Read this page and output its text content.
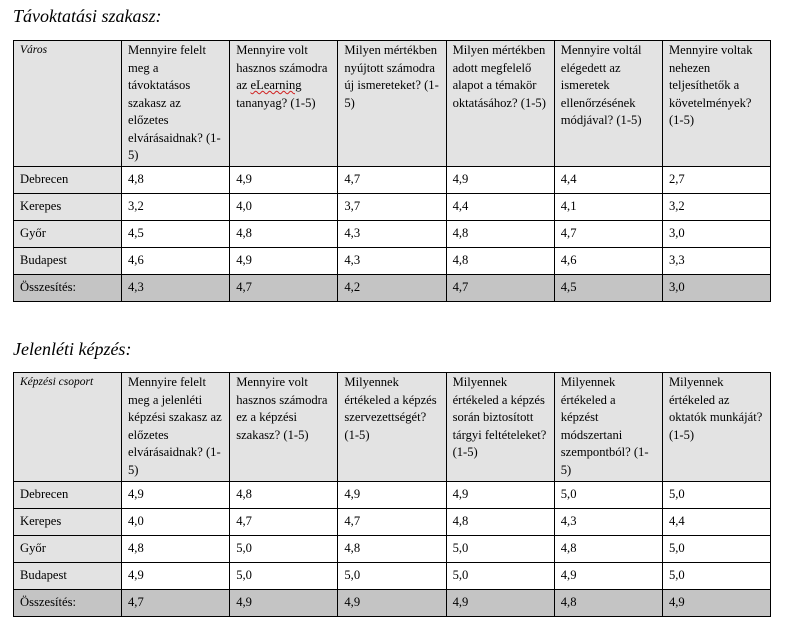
Távoktatási szakasz:
Város	Mennyire felelt meg a távoktatásos szakasz az előzetes elvárásaidnak? (1-5)	Mennyire volt hasznos számodra az eLearning tananyag? (1-5)	Milyen mértékben nyújtott számodra új ismereteket? (1-5)	Milyen mértékben adott megfelelő alapot a témakör oktatásához? (1-5)	Mennyire voltál elégedett az ismeretek ellenőrzésének módjával? (1-5)	Mennyire voltak nehezen teljesíthetők a követelmények? (1-5)
Debrecen	4,8	4,9	4,7	4,9	4,4	2,7
Kerepes	3,2	4,0	3,7	4,4	4,1	3,2
Győr	4,5	4,8	4,3	4,8	4,7	3,0
Budapest	4,6	4,9	4,3	4,8	4,6	3,3
Összesítés:	4,3	4,7	4,2	4,7	4,5	3,0
Jelenléti képzés:
Képzési csoport	Mennyire felelt meg a jelenléti képzési szakasz az előzetes elvárásaidnak? (1-5)	Mennyire volt hasznos számodra ez a képzési szakasz? (1-5)	Milyennek értékeled a képzés szervezettségét? (1-5)	Milyennek értékeled a képzés során biztosított tárgyi feltételeket? (1-5)	Milyennek értékeled a képzést módszertani szempontból? (1-5)	Milyennek értékeled az oktatók munkáját? (1-5)
Debrecen	4,9	4,8	4,9	4,9	5,0	5,0
Kerepes	4,0	4,7	4,7	4,8	4,3	4,4
Győr	4,8	5,0	4,8	5,0	4,8	5,0
Budapest	4,9	5,0	5,0	5,0	4,9	5,0
Összesítés:	4,7	4,9	4,9	4,9	4,8	4,9
